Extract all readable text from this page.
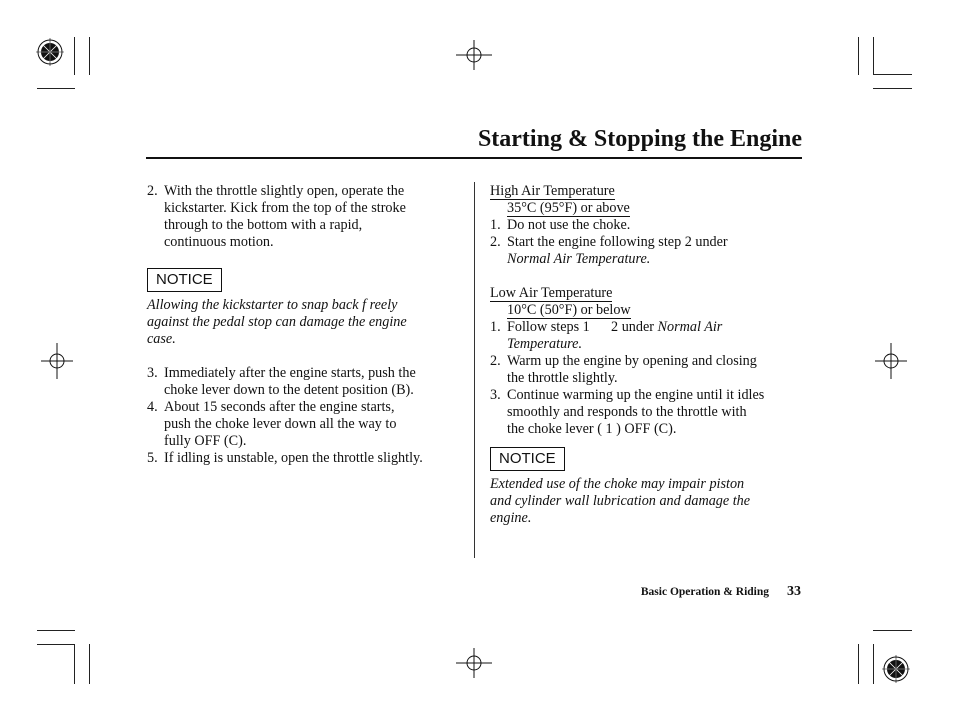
Starting & Stopping the Engine
2. With the throttle slightly open, operate the
kickstarter. Kick from the top of the stroke
through to the bottom with a rapid,
continuous motion.
NOTICE
Allowing the kickstarter to snap back f reely
against the pedal stop can damage the engine
case.
3. Immediately after the engine starts, push the
choke lever down to the detent position (B).
4. About 15 seconds after the engine starts,
push the choke lever down all the way to
fully OFF (C).
5. If idling is unstable, open the throttle slightly.
High Air Temperature
35°C (95°F) or above
1. Do not use the choke.
2. Start the engine following step 2 under
Normal Air Temperature.
Low Air Temperature
10°C (50°F) or below
1. Follow steps 1      2 under Normal Air
Temperature.
2. Warm up the engine by opening and closing
the throttle slightly.
3. Continue warming up the engine until it idles
smoothly and responds to the throttle with
the choke lever ( 1 ) OFF (C).
NOTICE
Extended use of the choke may impair piston
and cylinder wall lubrication and damage the
engine.
Basic Operation & Riding 33
